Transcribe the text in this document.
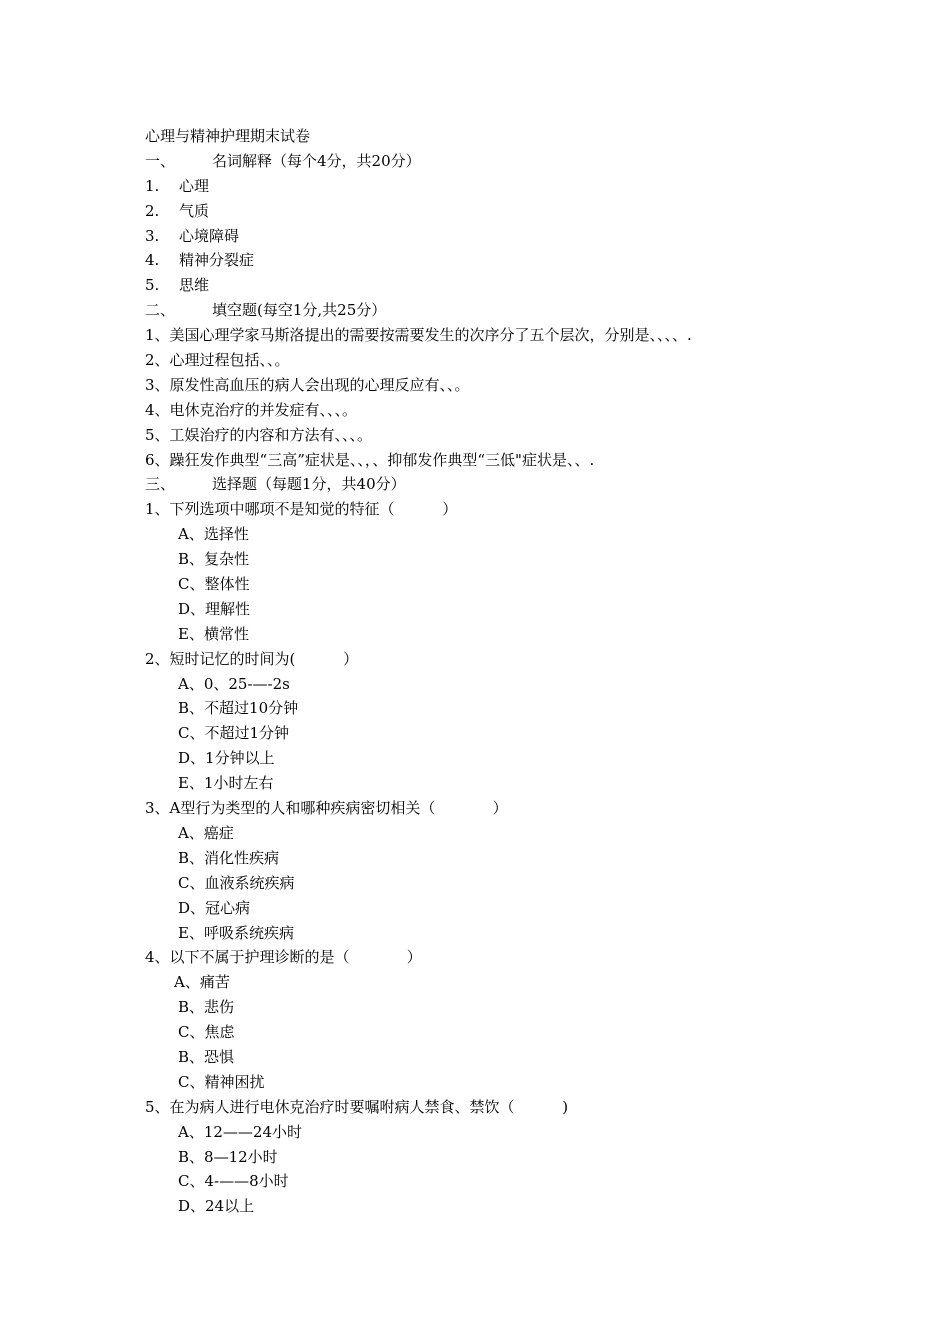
心理与精神护理期末试卷
一、 名词解释（每个4分，共20分）
1. 心理
2. 气质
3. 心境障碍
4. 精神分裂症
5. 思维
二、 填空题(每空1分,共25分）
1、美国心理学家马斯洛提出的需要按需要发生的次序分了五个层次，分别是、、、、.
2、心理过程包括、、。
3、原发性高血压的病人会出现的心理反应有、、。
4、电休克治疗的并发症有、、、。
5、工娱治疗的内容和方法有、、、。
6、躁狂发作典型“三高”症状是、、，、抑郁发作典型“三低"症状是、、.
三、 选择题（每题1分，共40分）
1、下列选项中哪项不是知觉的特征（          ）
A、选择性
B、复杂性
C、整体性
D、理解性
E、横常性
2、短时记忆的时间为(          ）
A、0、25-—-2s
B、不超过10分钟
C、不超过1分钟
D、1分钟以上
E、1小时左右
3、A型行为类型的人和哪种疾病密切相关（            ）
A、癌症
B、消化性疾病
C、血液系统疾病
D、冠心病
E、呼吸系统疾病
4、以下不属于护理诊断的是（            ）
A、痛苦
B、悲伤
C、焦虑
B、恐惧
C、精神困扰
5、在为病人进行电休克治疗时要嘱咐病人禁食、禁饮（          )
A、12——24小时
B、8—12小时
C、4-——8小时
D、24以上
